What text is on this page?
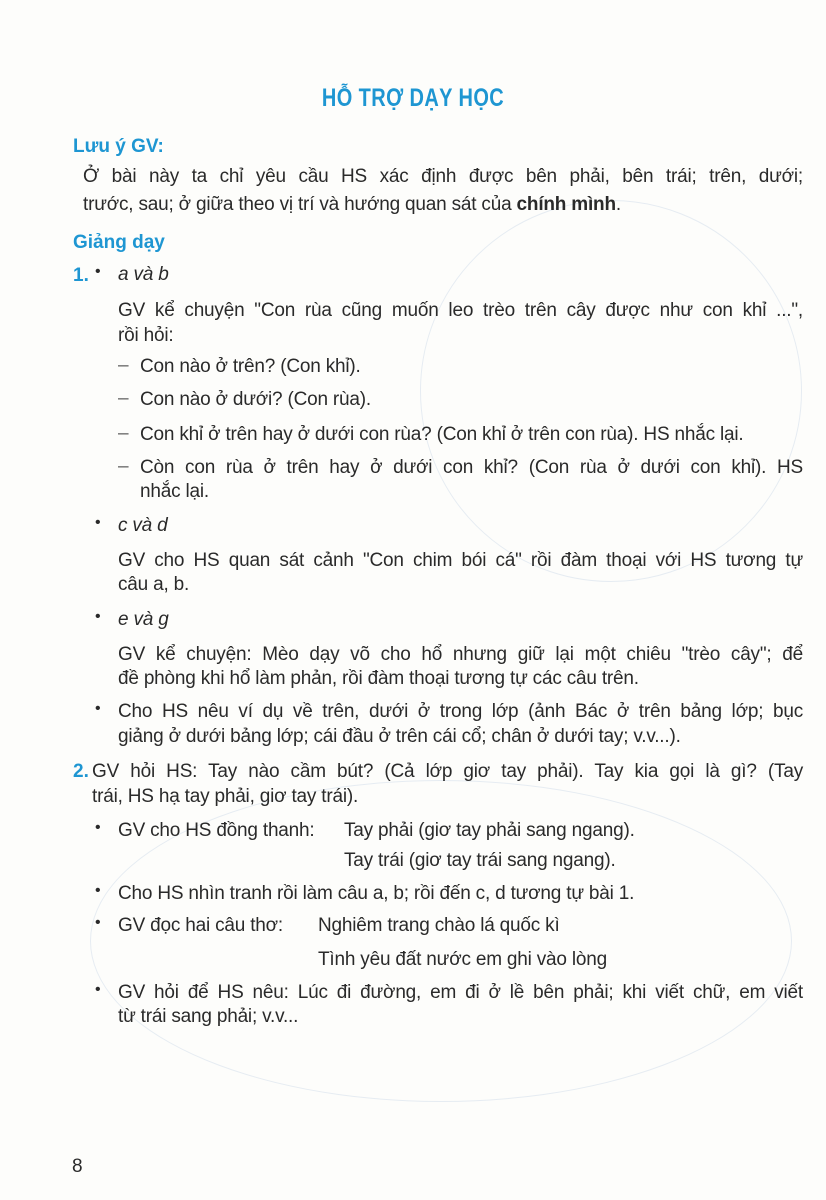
HỖ TRỢ DẠY HỌC
Lưu ý GV:
Ở bài này ta chỉ yêu cầu HS xác định được bên phải, bên trái; trên, dưới;
trước, sau; ở giữa theo vị trí và hướng quan sát của chính mình.
Giảng dạy
1. • a và b
GV kể chuyện "Con rùa cũng muốn leo trèo trên cây được như con khỉ ...",
rồi hỏi:
– Con nào ở trên? (Con khỉ).
– Con nào ở dưới? (Con rùa).
– Con khỉ ở trên hay ở dưới con rùa? (Con khỉ ở trên con rùa). HS nhắc lại.
– Còn con rùa ở trên hay ở dưới con khỉ? (Con rùa ở dưới con khỉ). HS
nhắc lại.
• c và d
GV cho HS quan sát cảnh "Con chim bói cá" rồi đàm thoại với HS tương tự
câu a, b.
• e và g
GV kể chuyện: Mèo dạy võ cho hổ nhưng giữ lại một chiêu "trèo cây"; để
đề phòng khi hổ làm phản, rồi đàm thoại tương tự các câu trên.
• Cho HS nêu ví dụ về trên, dưới ở trong lớp (ảnh Bác ở trên bảng lớp; bục
giảng ở dưới bảng lớp; cái đầu ở trên cái cổ; chân ở dưới tay; v.v...).
2. GV hỏi HS: Tay nào cầm bút? (Cả lớp giơ tay phải). Tay kia gọi là gì? (Tay
trái, HS hạ tay phải, giơ tay trái).
• GV cho HS đồng thanh: Tay phải (giơ tay phải sang ngang).
Tay trái (giơ tay trái sang ngang).
• Cho HS nhìn tranh rồi làm câu a, b; rồi đến c, d tương tự bài 1.
• GV đọc hai câu thơ: Nghiêm trang chào lá quốc kì
Tình yêu đất nước em ghi vào lòng
• GV hỏi để HS nêu: Lúc đi đường, em đi ở lề bên phải; khi viết chữ, em viết
từ trái sang phải; v.v...
8
